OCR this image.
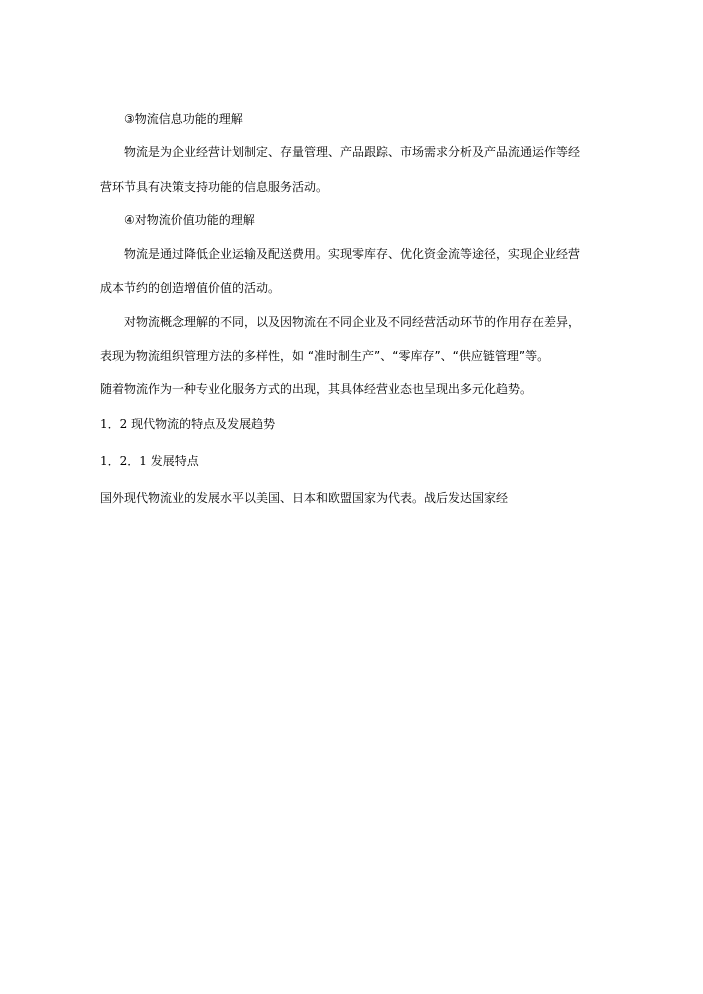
③物流信息功能的理解
物流是为企业经营计划制定、存量管理、产品跟踪、市场需求分析及产品流通运作等经
营环节具有决策支持功能的信息服务活动。
④对物流价值功能的理解
物流是通过降低企业运输及配送费用。实现零库存、优化资金流等途径，实现企业经营
成本节约的创造增值价值的活动。
对物流概念理解的不同，以及因物流在不同企业及不同经营活动环节的作用存在差异，
表现为物流组织管理方法的多样性，如 “准时制生产”、“零库存”、“供应链管理”等。
随着物流作为一种专业化服务方式的出现，其具体经营业态也呈现出多元化趋势。
1．2 现代物流的特点及发展趋势
1．2．1 发展特点
国外现代物流业的发展水平以美国、日本和欧盟国家为代表。战后发达国家经
